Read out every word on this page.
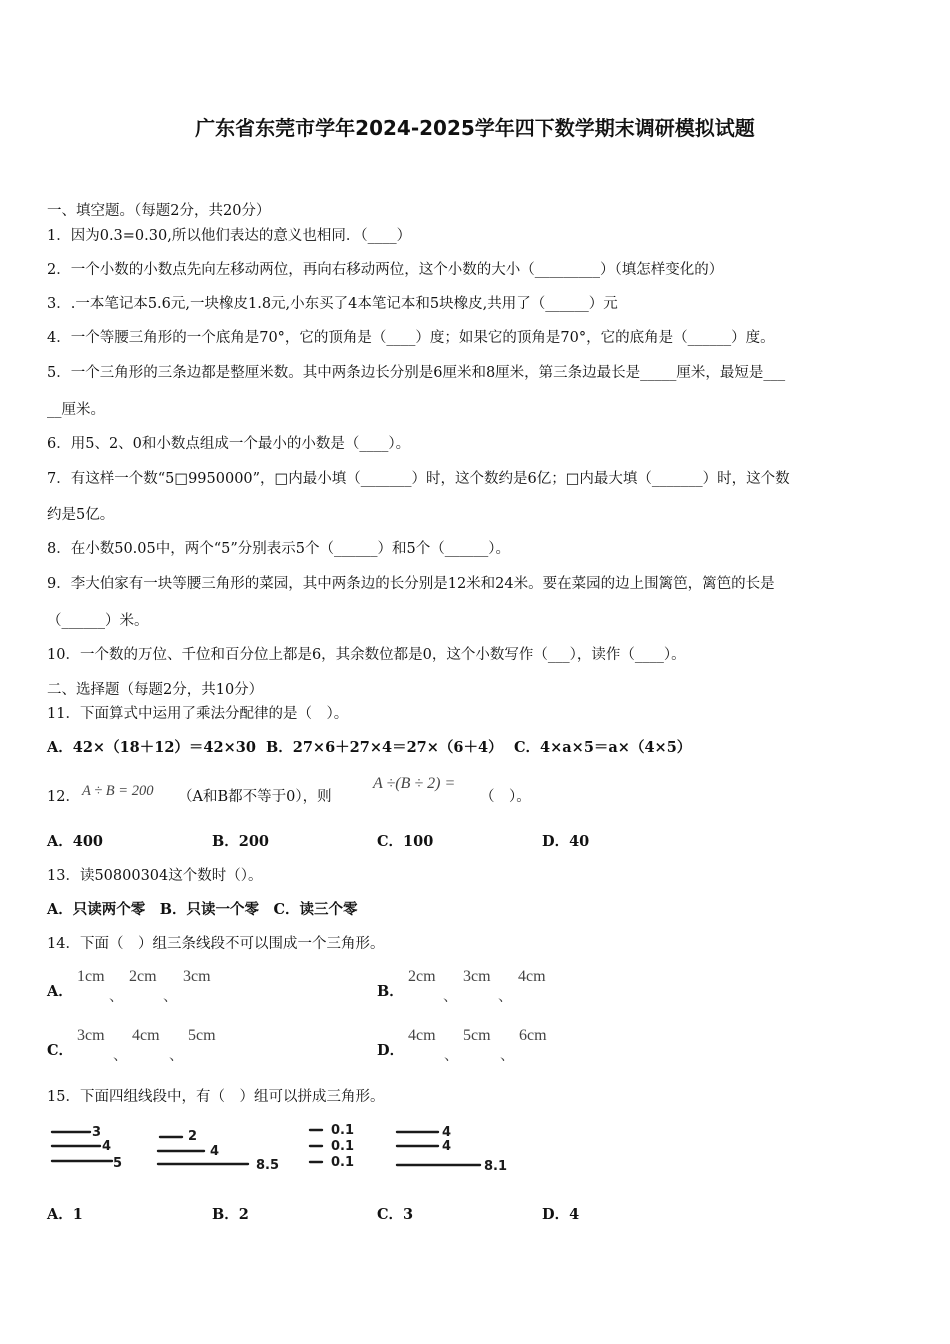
广东省东莞市学年2024-2025学年四下数学期末调研模拟试题
一、填空题。（每题2分，共20分）
1．因为0.3=0.30,所以他们表达的意义也相同．（____）
2．一个小数的小数点先向左移动两位，再向右移动两位，这个小数的大小（_________）（填怎样变化的）
3．.一本笔记本5.6元,一块橡皮1.8元,小东买了4本笔记本和5块橡皮,共用了（______）元
4．一个等腰三角形的一个底角是70°，它的顶角是（____）度；如果它的顶角是70°，它的底角是（______）度。
5．一个三角形的三条边都是整厘米数。其中两条边长分别是6厘米和8厘米，第三条边最长是_____厘米，最短是___
__厘米。
6．用5、2、0和小数点组成一个最小的小数是（____）。
7．有这样一个数“5□9950000”，□内最小填（_______）时，这个数约是6亿；□内最大填（_______）时，这个数
约是5亿。
8．在小数50.05中，两个“5”分别表示5个（______）和5个（______）。
9．李大伯家有一块等腰三角形的菜园，其中两条边的长分别是12米和24米。要在菜园的边上围篱笆，篱笆的长是
（______）米。
10．一个数的万位、千位和百分位上都是6，其余数位都是0，这个小数写作（___），读作（____）。
二、选择题（每题2分，共10分）
11．下面算式中运用了乘法分配律的是（　）。
A．42×（18＋12）＝42×30 B．27×6＋27×4＝27×（6＋4） C．4×a×5＝a×（4×5）
12． A ÷ B = 200 （A和B都不等于0），则
A ÷(B ÷ 2) =
（　）。
A．400	B．200	C．100	D．40
13．读50800304这个数时（）。
A．只读两个零　B．只读一个零　C．读三个零
14．下面（　）组三条线段不可以围成一个三角形。
A．
1cm
、
2cm
、
3cm
B．
2cm
、
3cm
、
4cm
C．
3cm
、
4cm
、
5cm
D．
4cm
、
5cm
、
6cm
15．下面四组线段中，有（　）组可以拼成三角形。
3
4
5
2
4
8.5
0.1
0.1
0.1
4
4
8.1
A．1	B．2	C．3	D．4
